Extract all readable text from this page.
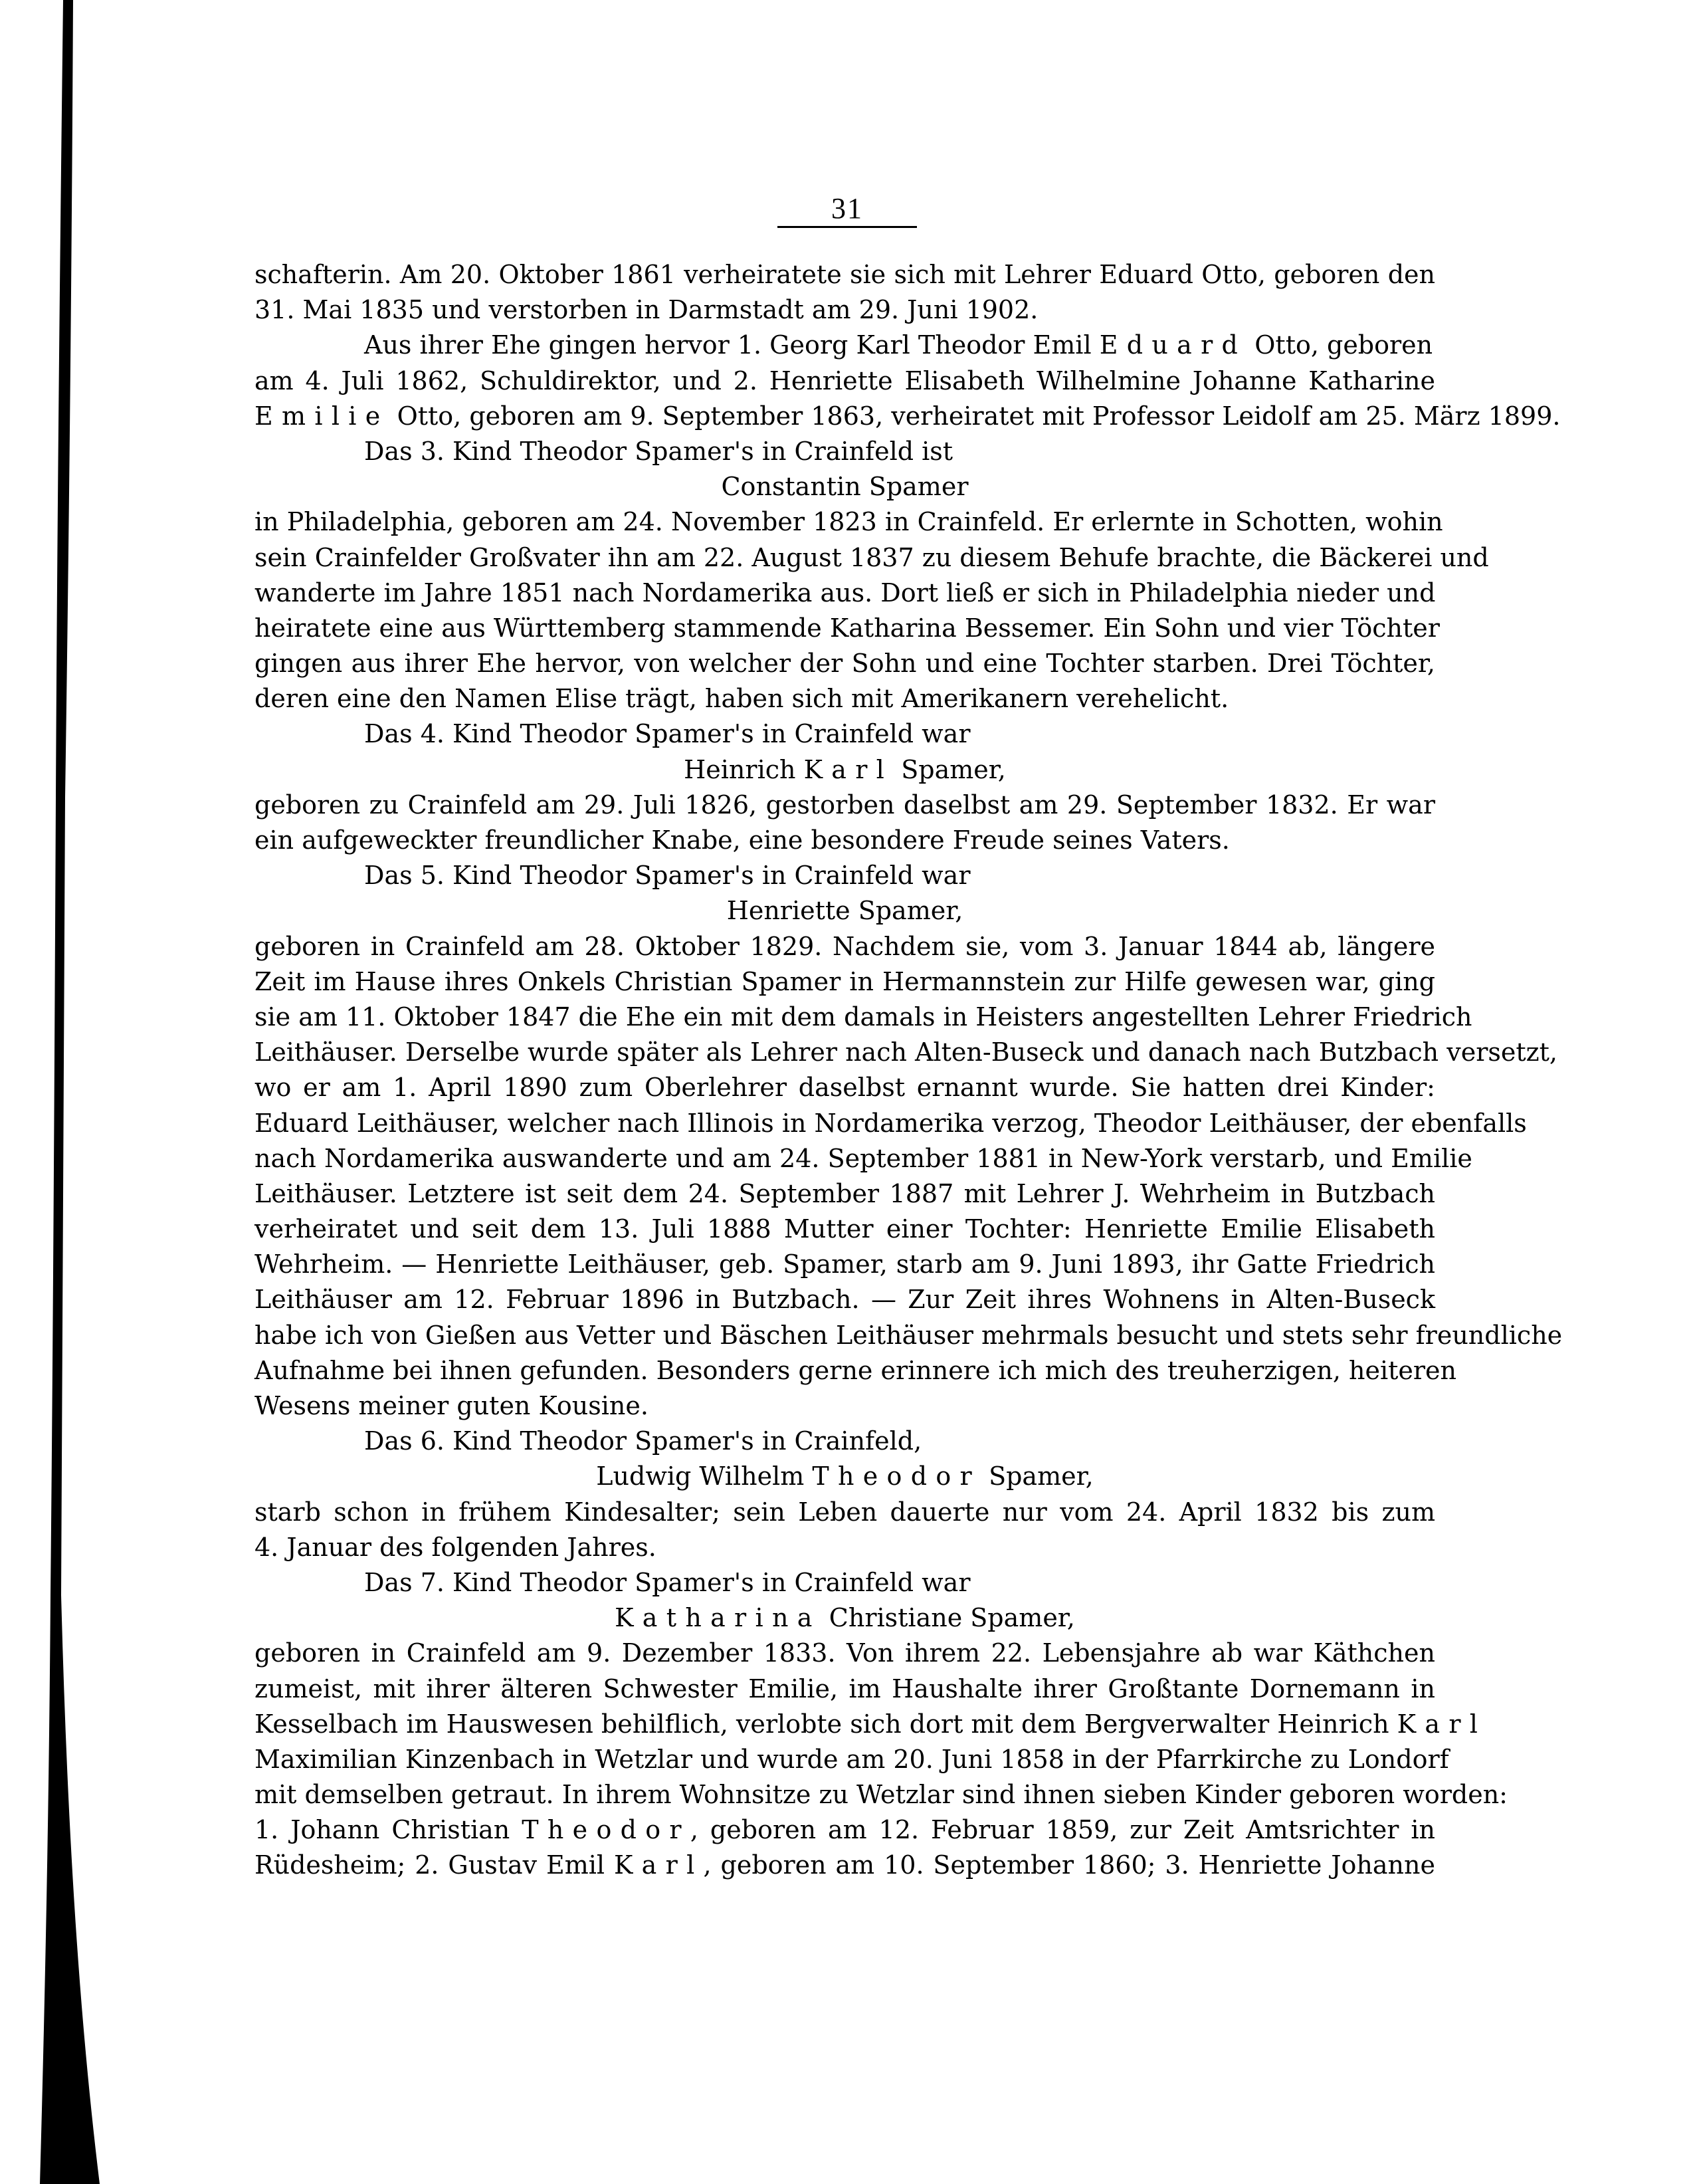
31
schafterin. Am 20. Oktober 1861 verheiratete sie sich mit Lehrer Eduard Otto, geboren den
31. Mai 1835 und verstorben in Darmstadt am 29. Juni 1902.
Aus ihrer Ehe gingen hervor 1. Georg Karl Theodor Emil Eduard Otto, geboren
am 4. Juli 1862, Schuldirektor, und 2. Henriette Elisabeth Wilhelmine Johanne Katharine
Emilie Otto, geboren am 9. September 1863, verheiratet mit Professor Leidolf am 25. März 1899.
Das 3. Kind Theodor Spamer's in Crainfeld ist
Constantin Spamer
in Philadelphia, geboren am 24. November 1823 in Crainfeld. Er erlernte in Schotten, wohin
sein Crainfelder Großvater ihn am 22. August 1837 zu diesem Behufe brachte, die Bäckerei und
wanderte im Jahre 1851 nach Nordamerika aus. Dort ließ er sich in Philadelphia nieder und
heiratete eine aus Württemberg stammende Katharina Bessemer. Ein Sohn und vier Töchter
gingen aus ihrer Ehe hervor, von welcher der Sohn und eine Tochter starben. Drei Töchter,
deren eine den Namen Elise trägt, haben sich mit Amerikanern verehelicht.
Das 4. Kind Theodor Spamer's in Crainfeld war
Heinrich Karl Spamer,
geboren zu Crainfeld am 29. Juli 1826, gestorben daselbst am 29. September 1832. Er war
ein aufgeweckter freundlicher Knabe, eine besondere Freude seines Vaters.
Das 5. Kind Theodor Spamer's in Crainfeld war
Henriette Spamer,
geboren in Crainfeld am 28. Oktober 1829. Nachdem sie, vom 3. Januar 1844 ab, längere
Zeit im Hause ihres Onkels Christian Spamer in Hermannstein zur Hilfe gewesen war, ging
sie am 11. Oktober 1847 die Ehe ein mit dem damals in Heisters angestellten Lehrer Friedrich
Leithäuser. Derselbe wurde später als Lehrer nach Alten-Buseck und danach nach Butzbach versetzt,
wo er am 1. April 1890 zum Oberlehrer daselbst ernannt wurde. Sie hatten drei Kinder:
Eduard Leithäuser, welcher nach Illinois in Nordamerika verzog, Theodor Leithäuser, der ebenfalls
nach Nordamerika auswanderte und am 24. September 1881 in New-York verstarb, und Emilie
Leithäuser. Letztere ist seit dem 24. September 1887 mit Lehrer J. Wehrheim in Butzbach
verheiratet und seit dem 13. Juli 1888 Mutter einer Tochter: Henriette Emilie Elisabeth
Wehrheim. — Henriette Leithäuser, geb. Spamer, starb am 9. Juni 1893, ihr Gatte Friedrich
Leithäuser am 12. Februar 1896 in Butzbach. — Zur Zeit ihres Wohnens in Alten-Buseck
habe ich von Gießen aus Vetter und Bäschen Leithäuser mehrmals besucht und stets sehr freundliche
Aufnahme bei ihnen gefunden. Besonders gerne erinnere ich mich des treuherzigen, heiteren
Wesens meiner guten Kousine.
Das 6. Kind Theodor Spamer's in Crainfeld,
Ludwig Wilhelm Theodor Spamer,
starb schon in frühem Kindesalter; sein Leben dauerte nur vom 24. April 1832 bis zum
4. Januar des folgenden Jahres.
Das 7. Kind Theodor Spamer's in Crainfeld war
Katharina Christiane Spamer,
geboren in Crainfeld am 9. Dezember 1833. Von ihrem 22. Lebensjahre ab war Käthchen
zumeist, mit ihrer älteren Schwester Emilie, im Haushalte ihrer Großtante Dornemann in
Kesselbach im Hauswesen behilflich, verlobte sich dort mit dem Bergverwalter Heinrich Karl
Maximilian Kinzenbach in Wetzlar und wurde am 20. Juni 1858 in der Pfarrkirche zu Londorf
mit demselben getraut. In ihrem Wohnsitze zu Wetzlar sind ihnen sieben Kinder geboren worden:
1. Johann Christian Theodor, geboren am 12. Februar 1859, zur Zeit Amtsrichter in
Rüdesheim; 2. Gustav Emil Karl, geboren am 10. September 1860; 3. Henriette Johanne
